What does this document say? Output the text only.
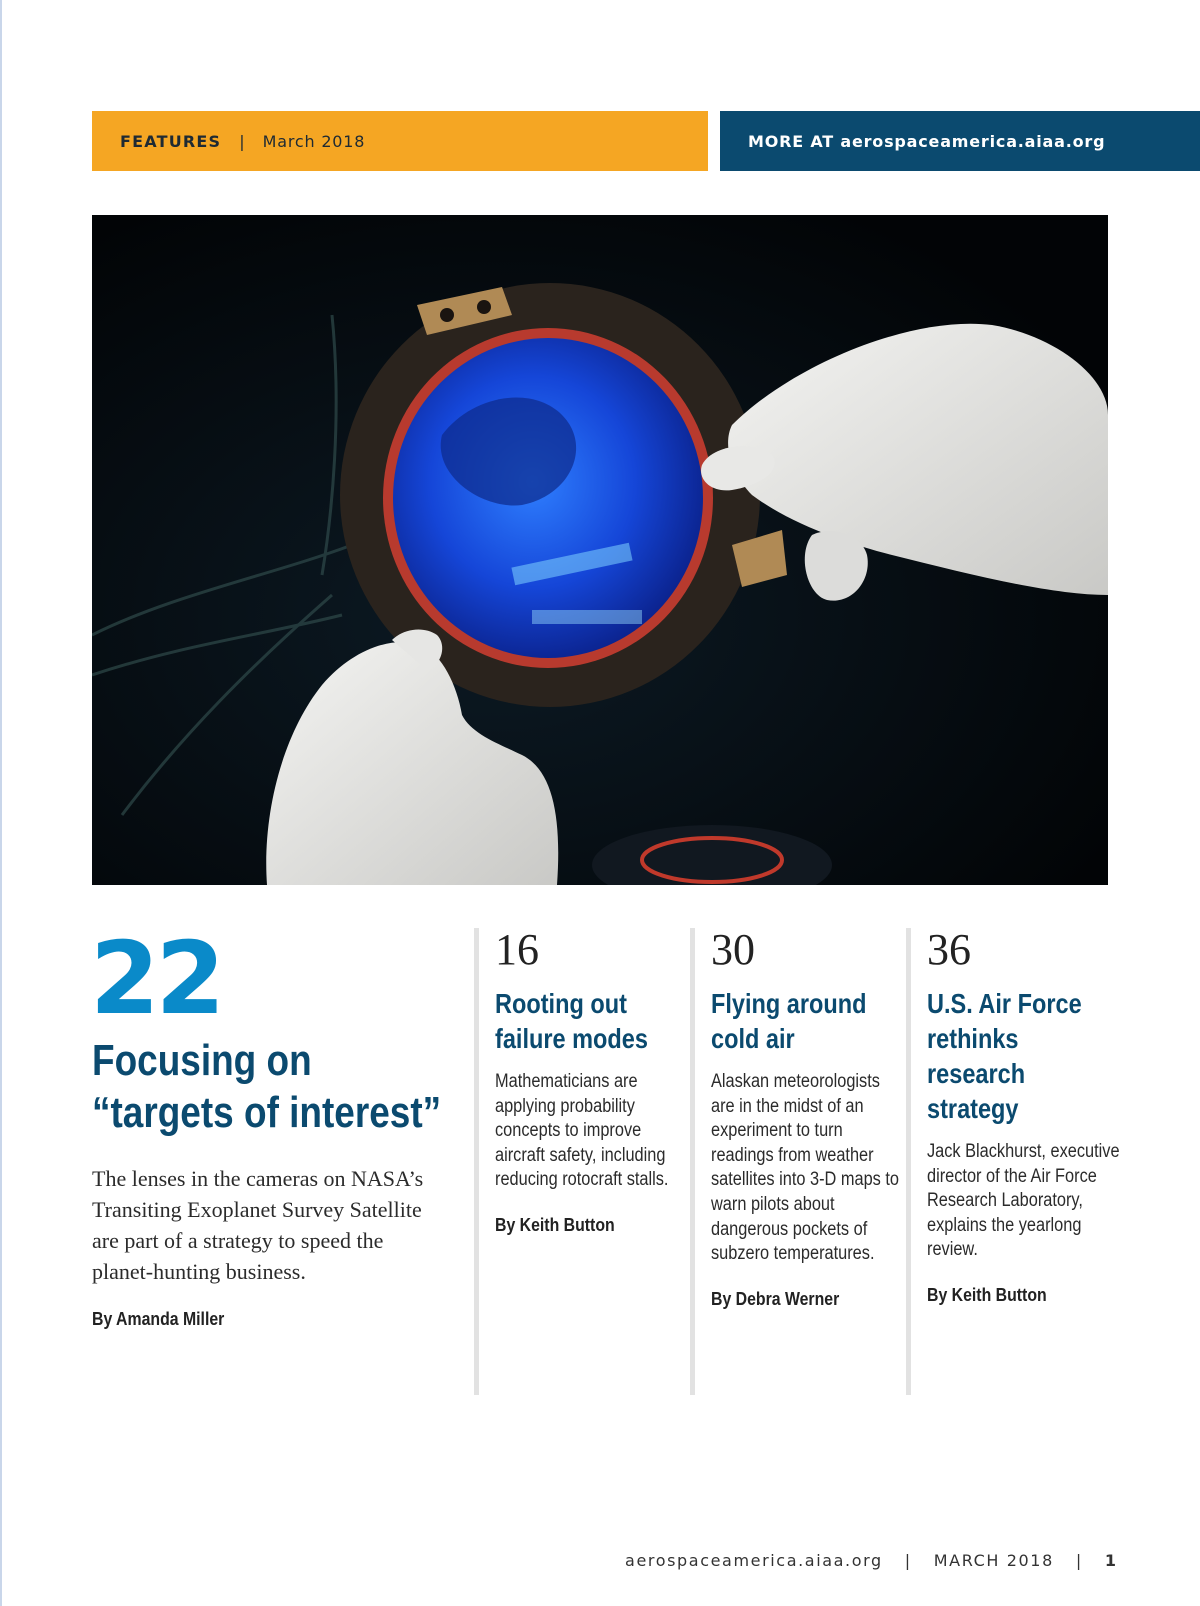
FEATURES | March 2018	MORE AT aerospaceamerica.aiaa.org
22
Focusing on “targets of interest”
The lenses in the cameras on NASA’s Transiting Exoplanet Survey Satellite are part of a strategy to speed the planet-hunting business.
By Amanda Miller
16
Rooting out failure modes
Mathematicians are applying probability concepts to improve aircraft safety, including reducing rotocraft stalls.
By Keith Button
30
Flying around cold air
Alaskan meteorologists are in the midst of an experiment to turn readings from weather satellites into 3-D maps to warn pilots about dangerous pockets of subzero temperatures.
By Debra Werner
36
U.S. Air Force rethinks research strategy
Jack Blackhurst, executive director of the Air Force Research Laboratory, explains the yearlong review.
By Keith Button
aerospaceamerica.aiaa.org | MARCH 2018 | 1
